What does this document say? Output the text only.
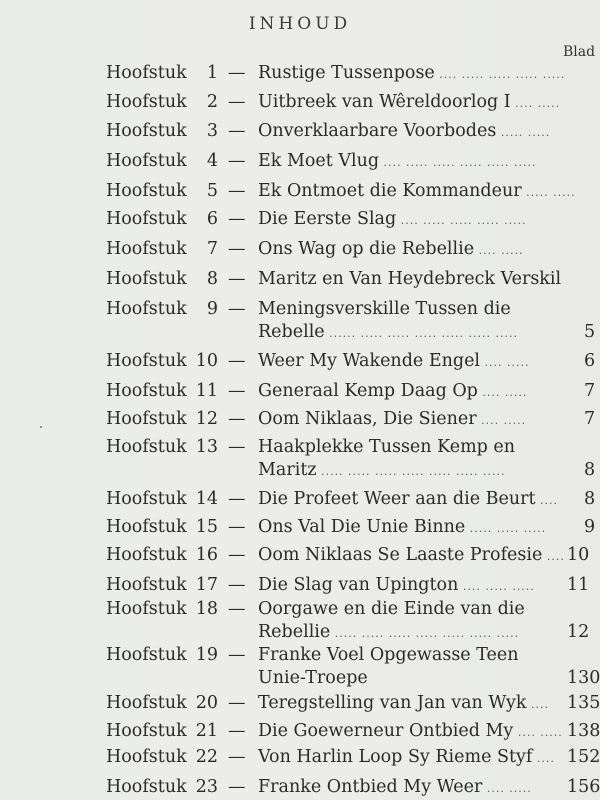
INHOUD
Blad
Hoofstuk	1 — Rustige Tussenpose .... ..... ..... ..... .....
Hoofstuk	2 — Uitbreek van Wêreldoorlog I .... .....
Hoofstuk	3 — Onverklaarbare Voorbodes ..... .....
Hoofstuk	4 — Ek Moet Vlug .... ..... ..... ..... ..... .....
Hoofstuk	5 — Ek Ontmoet die Kommandeur ..... .....
Hoofstuk	6 — Die Eerste Slag .... ..... ..... ..... .....
Hoofstuk	7 — Ons Wag op die Rebellie .... .....
Hoofstuk	8 — Maritz en Van Heydebreck Verskil
Hoofstuk	9 — Meningsverskille Tussen die
Rebelle ...... ..... ..... ..... ..... ..... .....	5
Hoofstuk 10 — Weer My Wakende Engel .... .....	6
Hoofstuk 11 — Generaal Kemp Daag Op .... .....	7
Hoofstuk 12 — Oom Niklaas, Die Siener .... .....	7
Hoofstuk 13 — Haakplekke Tussen Kemp en
Maritz ..... ..... ..... ..... ..... ..... .....	8
Hoofstuk 14 — Die Profeet Weer aan die Beurt .... 8
Hoofstuk 15 — Ons Val Die Unie Binne ..... ..... ..... 9
Hoofstuk 16 — Oom Niklaas Se Laaste Profesie .... 10
Hoofstuk 17 — Die Slag van Upington .... ..... ..... 11
Hoofstuk 18 — Oorgawe en die Einde van die
Rebellie ..... ..... ..... ..... ..... ..... .....	12
Hoofstuk 19 — Franke Voel Opgewasse Teen
Unie-Troepe	130
Hoofstuk 20 — Teregstelling van Jan van Wyk .... 135
Hoofstuk 21 — Die Goewerneur Ontbied My .... ..... 138
Hoofstuk 22 — Von Harlin Loop Sy Rieme Styf .... 152
Hoofstuk 23 — Franke Ontbied My Weer .... ..... 156
